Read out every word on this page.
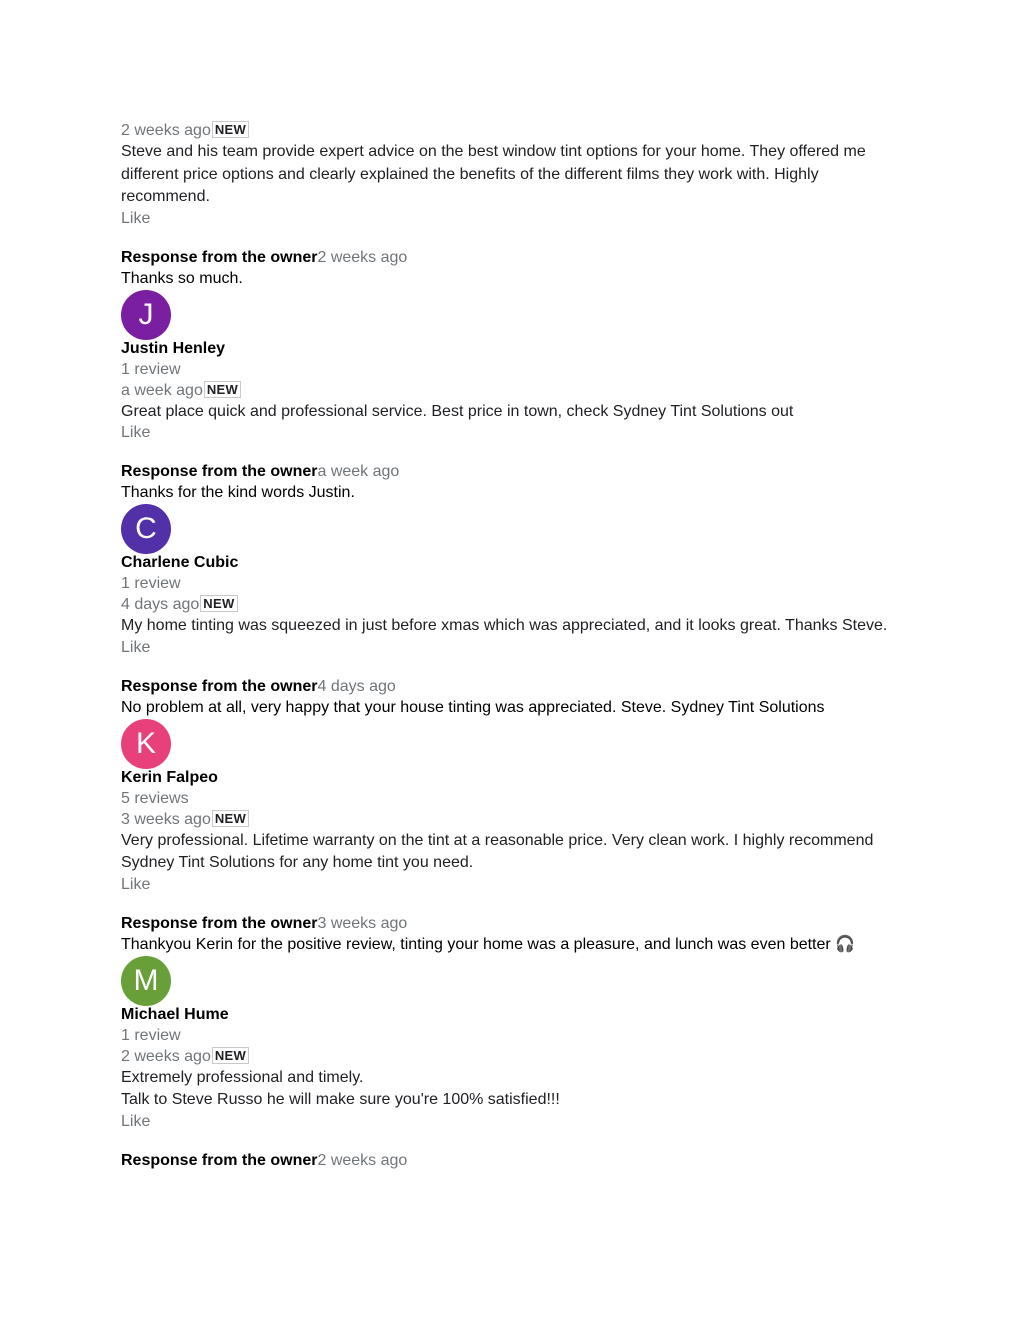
2 weeks ago NEW
Steve and his team provide expert advice on the best window tint options for your home. They offered me different price options and clearly explained the benefits of the different films they work with. Highly recommend.
Like
Response from the owner2 weeks ago
Thanks so much.
J
Justin Henley
1 review
a week ago NEW
Great place quick and professional service. Best price in town, check Sydney Tint Solutions out
Like
Response from the ownera week ago
Thanks for the kind words Justin.
C
Charlene Cubic
1 review
4 days ago NEW
My home tinting was squeezed in just before xmas which was appreciated, and it looks great. Thanks Steve.
Like
Response from the owner4 days ago
No problem at all, very happy that your house tinting was appreciated. Steve. Sydney Tint Solutions
K
Kerin Falpeo
5 reviews
3 weeks ago NEW
Very professional. Lifetime warranty on the tint at a reasonable price. Very clean work. I highly recommend Sydney Tint Solutions for any home tint you need.
Like
Response from the owner3 weeks ago
Thankyou Kerin for the positive review, tinting your home was a pleasure, and lunch was even better 🎧
M
Michael Hume
1 review
2 weeks ago NEW
Extremely professional and timely.
Talk to Steve Russo he will make sure you're 100% satisfied!!!
Like
Response from the owner2 weeks ago
